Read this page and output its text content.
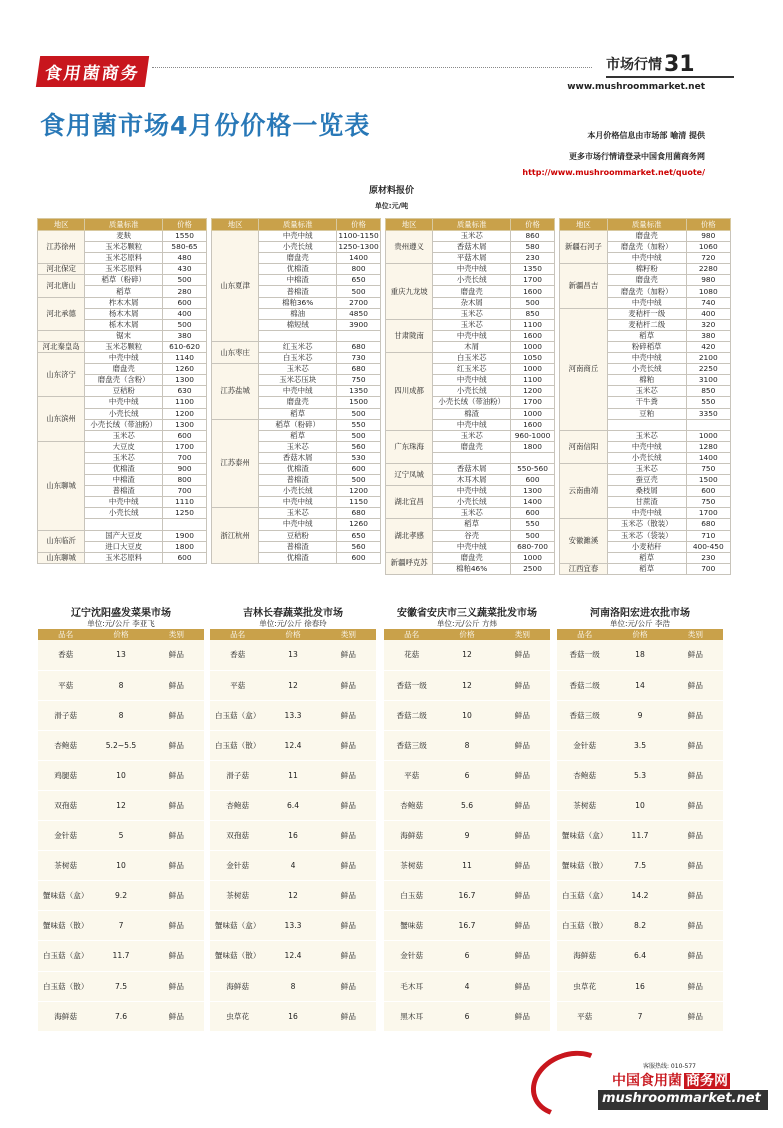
食用菌商务	市场行情 31
www.mushroommarket.net
食用菌市场4月份价格一览表	本月价格信息由市场部 喻清 提供
更多市场行情请登录中国食用菌商务网
http://www.mushroommarket.net/quote/
原材料报价
单位:元/吨
地区	质量标准	价格
江苏徐州	麦麸	1550
	玉米芯颗粒	580-65
	玉米芯原料	480
河北保定	玉米芯原料	430
河北唐山	稻草（粉碎）	500
	稻草	280
河北承德	柞木木屑	600
	杨木木屑	400
	栎木木屑	500
	锯末	380
河北秦皇岛	玉米芯颗粒	610-620
山东济宁	中壳中绒	1140
	磨盘壳	1260
	磨盘壳（含粉）	1300
	豆秸粉	630
山东滨州	中壳中绒	1100
	小壳长绒	1200
	小壳长绒（带油粉）	1300
	玉米芯	600
山东聊城	大豆皮	1700
	玉米芯	700
	优棉渣	900
	中棉渣	800
	普棉渣	700
	中壳中绒	1110
	小壳长绒	1250

山东临沂	国产大豆皮	1900
	进口大豆皮	1800
山东聊城	玉米芯原料	600
地区	质量标准	价格
山东夏津	中壳中绒	1100-1150
	小壳长绒	1250-1300
	磨盘壳	1400
	优棉渣	800
	中棉渣	650
	普棉渣	500
	棉粕36%	2700
	棉油	4850
	棉短绒	3900

山东枣庄	红玉米芯	680
	白玉米芯	730
江苏盐城	玉米芯	680
	玉米芯压块	750
	中壳中绒	1350
	磨盘壳	1500
	稻草	500
江苏泰州	稻草（粉碎）	550
	稻草	500
	玉米芯	560
	香菇木屑	530
	优棉渣	600
	普棉渣	500
	小壳长绒	1200
	中壳中绒	1150
浙江杭州	玉米芯	680
	中壳中绒	1260
	豆秸粉	650
	普棉渣	560
	优棉渣	600
地区	质量标准	价格
贵州遵义	玉米芯	860
	香菇木屑	580
	平菇木屑	230
重庆九龙坡	中壳中绒	1350
	小壳长绒	1700
	磨盘壳	1600
	杂木屑	500
	玉米芯	850
甘肃陇南	玉米芯	1100
	中壳中绒	1600
	木屑	1000
四川成都	白玉米芯	1050
	红玉米芯	1000
	中壳中绒	1100
	小壳长绒	1200
	小壳长绒（带油粉）	1700
	棉渣	1000
	中壳中绒	1600
广东珠海	玉米芯	960-1000
	磨盘壳	1800

辽宁凤城	香菇木屑	550-560
	木耳木屑	600
湖北宜昌	中壳中绒	1300
	小壳长绒	1400
	玉米芯	600
湖北孝感	稻草	550
	谷壳	500
	中壳中绒	680-700
新疆呼克苏	磨盘壳	1000
	棉粕46%	2500
地区	质量标准	价格
新疆石河子	磨盘壳	980
	磨盘壳（加粉）	1060
	中壳中绒	720
新疆昌吉	棉籽粉	2280
	磨盘壳	980
	磨盘壳（加粉）	1080
	中壳中绒	740
河南商丘	麦秸杆一级	400
	麦秸杆二级	320
	稻草	380
	粉碎稻草	420
	中壳中绒	2100
	小壳长绒	2250
	棉粕	3100
	玉米芯	850
	干牛粪	550
	豆粕	3350

河南信阳	玉米芯	1000
	中壳中绒	1280
	小壳长绒	1400
云南曲靖	玉米芯	750
	蚕豆壳	1500
	桑枝屑	600
	甘蔗渣	750
	中壳中绒	1700
安徽濉溪	玉米芯（散装）	680
	玉米芯（袋装）	710
	小麦秸秆	400-450
	稻草	230
江西宜春	稻草	700
辽宁沈阳盛发菜果市场
单位:元/公斤 李亚飞
品名	价格	类别
香菇	13	鲜品
平菇	8	鲜品
滑子菇	8	鲜品
杏鲍菇	5.2~5.5	鲜品
鸡腿菇	10	鲜品
双孢菇	12	鲜品
金针菇	5	鲜品
茶树菇	10	鲜品
蟹味菇（盒）	9.2	鲜品
蟹味菇（散）	7	鲜品
白玉菇（盒）	11.7	鲜品
白玉菇（散）	7.5	鲜品
海鲜菇	7.6	鲜品
吉林长春蔬菜批发市场
单位:元/公斤 徐春玲
品名	价格	类别
香菇	13	鲜品
平菇	12	鲜品
白玉菇（盒）	13.3	鲜品
白玉菇（散）	12.4	鲜品
滑子菇	11	鲜品
杏鲍菇	6.4	鲜品
双孢菇	16	鲜品
金针菇	4	鲜品
茶树菇	12	鲜品
蟹味菇（盒）	13.3	鲜品
蟹味菇（散）	12.4	鲜品
海鲜菇	8	鲜品
虫草花	16	鲜品
安徽省安庆市三义蔬菜批发市场
单位:元/公斤 方炜
品名	价格	类别
花菇	12	鲜品
香菇一级	12	鲜品
香菇二级	10	鲜品
香菇三级	8	鲜品
平菇	6	鲜品
杏鲍菇	5.6	鲜品
海鲜菇	9	鲜品
茶树菇	11	鲜品
白玉菇	16.7	鲜品
蟹味菇	16.7	鲜品
金针菇	6	鲜品
毛木耳	4	鲜品
黑木耳	6	鲜品
河南洛阳宏进农批市场
单位:元/公斤 李浩
品名	价格	类别
香菇一级	18	鲜品
香菇二级	14	鲜品
香菇三级	9	鲜品
金针菇	3.5	鲜品
杏鲍菇	5.3	鲜品
茶树菇	10	鲜品
蟹味菇（盒）	11.7	鲜品
蟹味菇（散）	7.5	鲜品
白玉菇（盒）	14.2	鲜品
白玉菇（散）	8.2	鲜品
海鲜菇	6.4	鲜品
虫草花	16	鲜品
平菇	7	鲜品
客服热线: 010-577
中国食用菌 商务网
mushroommarket.net
